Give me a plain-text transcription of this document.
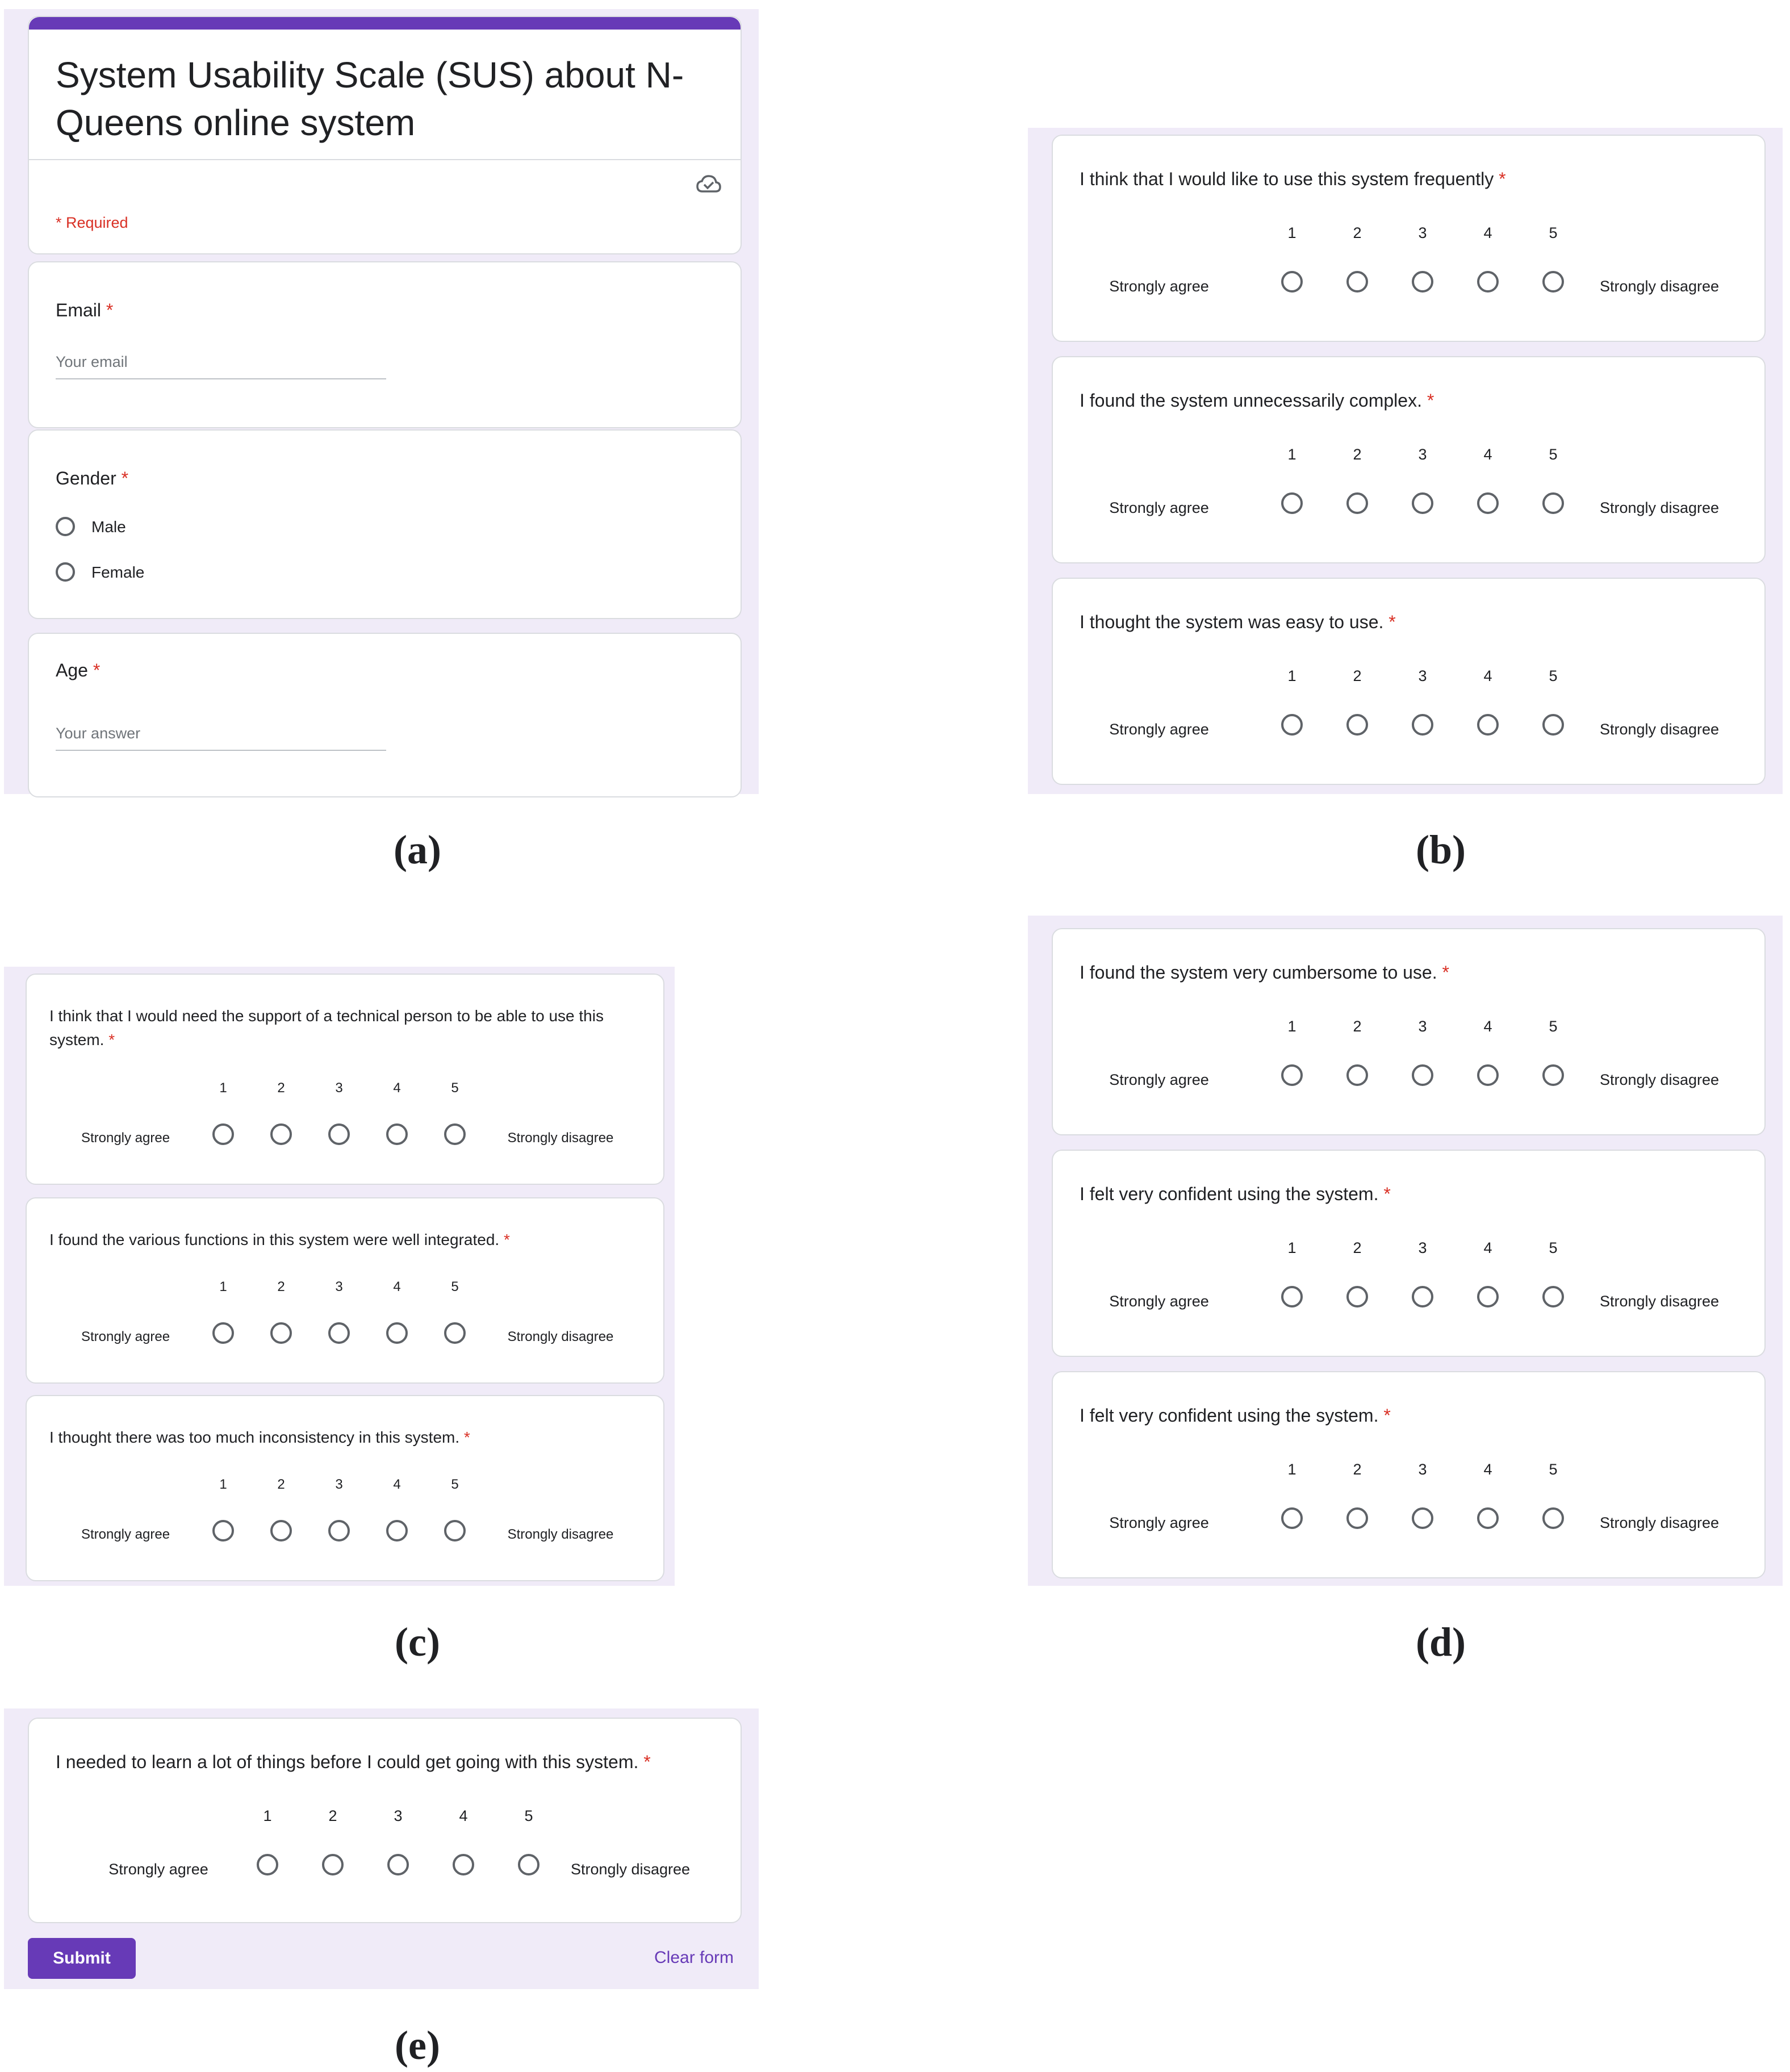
System Usability Scale (SUS) about N-Queens online system
* Required
Email *
Your email
Gender *
Male
Female
Age *
Your answer
(a)
I think that I would like to use this system frequently *
1	2	3	4	5
Strongly agree	Strongly disagree
I found the system unnecessarily complex. *
1	2	3	4	5
Strongly agree	Strongly disagree
I thought the system was easy to use. *
1	2	3	4	5
Strongly agree	Strongly disagree
(b)
I think that I would need the support of a technical person to be able to use this system. *
1	2	3	4	5
Strongly agree	Strongly disagree
I found the various functions in this system were well integrated. *
1	2	3	4	5
Strongly agree	Strongly disagree
I thought there was too much inconsistency in this system. *
1	2	3	4	5
Strongly agree	Strongly disagree
(c)
I found the system very cumbersome to use. *
1	2	3	4	5
Strongly agree	Strongly disagree
I felt very confident using the system. *
1	2	3	4	5
Strongly agree	Strongly disagree
I felt very confident using the system. *
1	2	3	4	5
Strongly agree	Strongly disagree
(d)
Submit	Clear form
I needed to learn a lot of things before I could get going with this system. *
1	2	3	4	5
Strongly agree	Strongly disagree
(e)
